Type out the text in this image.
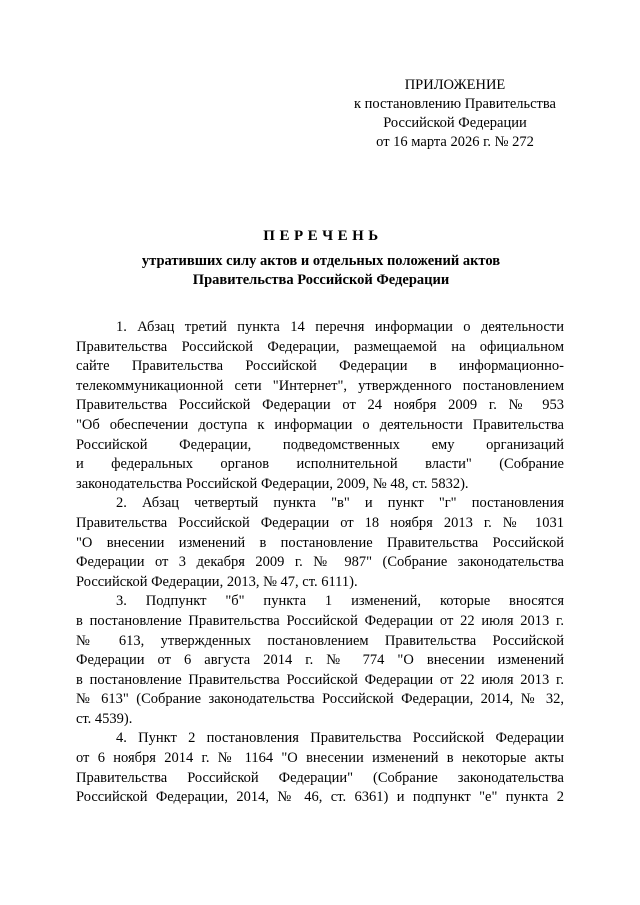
ПРИЛОЖЕНИЕ
к постановлению Правительства
Российской Федерации
от 16 марта 2026 г. № 272
ПЕРЕЧЕНЬ
утративших силу актов и отдельных положений актов
Правительства Российской Федерации
1. Абзац третий пункта 14 перечня информации о деятельности
Правительства Российской Федерации, размещаемой на официальном
сайте Правительства Российской Федерации в информационно-
телекоммуникационной сети "Интернет", утвержденного постановлением
Правительства Российской Федерации от 24 ноября 2009 г. № 953
"Об обеспечении доступа к информации о деятельности Правительства
Российской Федерации, подведомственных ему организаций
и федеральных органов исполнительной власти" (Собрание
законодательства Российской Федерации, 2009, № 48, ст. 5832).
2. Абзац четвертый пункта "в" и пункт "г" постановления
Правительства Российской Федерации от 18 ноября 2013 г. № 1031
"О внесении изменений в постановление Правительства Российской
Федерации от 3 декабря 2009 г. № 987" (Собрание законодательства
Российской Федерации, 2013, № 47, ст. 6111).
3. Подпункт "б" пункта 1 изменений, которые вносятся
в постановление Правительства Российской Федерации от 22 июля 2013 г.
№ 613, утвержденных постановлением Правительства Российской
Федерации от 6 августа 2014 г. № 774 "О внесении изменений
в постановление Правительства Российской Федерации от 22 июля 2013 г.
№ 613" (Собрание законодательства Российской Федерации, 2014, № 32,
ст. 4539).
4. Пункт 2 постановления Правительства Российской Федерации
от 6 ноября 2014 г. № 1164 "О внесении изменений в некоторые акты
Правительства Российской Федерации" (Собрание законодательства
Российской Федерации, 2014, № 46, ст. 6361) и подпункт "е" пункта 2
